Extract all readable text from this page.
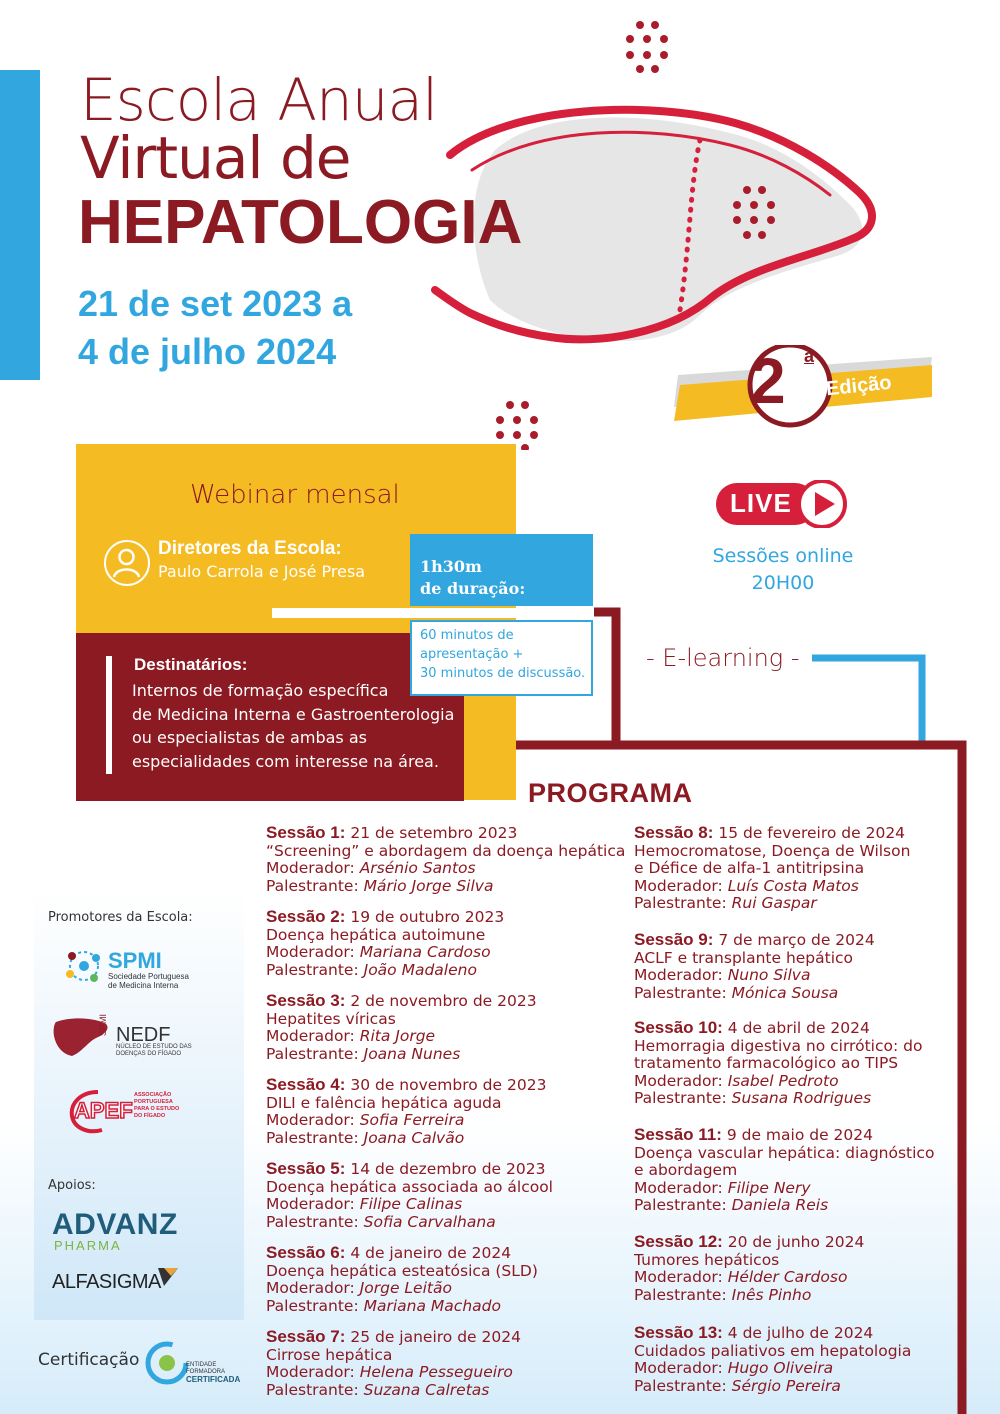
Escola Anual
Virtual de
HEPATOLOGIA
21 de set 2023 a
4 de julho 2024	2 a
Edição
Webinar mensal
Diretores da Escola:
Paulo Carrola e José Presa	1h30m
de duração:
60 minutos de
apresentação +
30 minutos de discussão.
Destinatários:
Internos de formação específica
de Medicina Interna e Gastroenterologia
ou especialistas de ambas as
especialidades com interesse na área.
LIVE
Sessões online
20H00
- E-learning -
PROGRAMA
Sessão 1: 21 de setembro 2023
“Screening” e abordagem da doença hepática
Moderador: Arsénio Santos
Palestrante: Mário Jorge Silva
Sessão 2: 19 de outubro 2023
Doença hepática autoimune
Moderador: Mariana Cardoso
Palestrante: João Madaleno
Sessão 3: 2 de novembro de 2023
Hepatites víricas
Moderador: Rita Jorge
Palestrante: Joana Nunes
Sessão 4: 30 de novembro de 2023
DILI e falência hepática aguda
Moderador: Sofia Ferreira
Palestrante: Joana Calvão
Sessão 5: 14 de dezembro de 2023
Doença hepática associada ao álcool
Moderador: Filipe Calinas
Palestrante: Sofia Carvalhana
Sessão 6: 4 de janeiro de 2024
Doença hepática esteatósica (SLD)
Moderador: Jorge Leitão
Palestrante: Mariana Machado
Sessão 7: 25 de janeiro de 2024
Cirrose hepática
Moderador: Helena Pessegueiro
Palestrante: Suzana Calretas
Sessão 8: 15 de fevereiro de 2024
Hemocromatose, Doença de Wilson
e Défice de alfa-1 antitripsina
Moderador: Luís Costa Matos
Palestrante: Rui Gaspar
Sessão 9: 7 de março de 2024
ACLF e transplante hepático
Moderador: Nuno Silva
Palestrante: Mónica Sousa
Sessão 10: 4 de abril de 2024
Hemorragia digestiva no cirrótico: do
tratamento farmacológico ao TIPS
Moderador: Isabel Pedroto
Palestrante: Susana Rodrigues
Sessão 11: 9 de maio de 2024
Doença vascular hepática: diagnóstico
e abordagem
Moderador: Filipe Nery
Palestrante: Daniela Reis
Sessão 12: 20 de junho 2024
Tumores hepáticos
Moderador: Hélder Cardoso
Palestrante: Inês Pinho
Sessão 13: 4 de julho de 2024
Cuidados paliativos em hepatologia
Moderador: Hugo Oliveira
Palestrante: Sérgio Pereira
Promotores da Escola:
SPMI
Sociedade Portuguesa
de Medicina Interna
SPMI NEDF
NÚCLEO DE ESTUDO DAS
DOENÇAS DO FÍGADO
APEF
ASSOCIAÇÃO
PORTUGUESA
PARA O ESTUDO
DO FÍGADO
Apoios:
ADVANZ
PHARMA
ALFASIGMA
Certificação	ENTIDADE
FORMADORA
CERTIFICADA
